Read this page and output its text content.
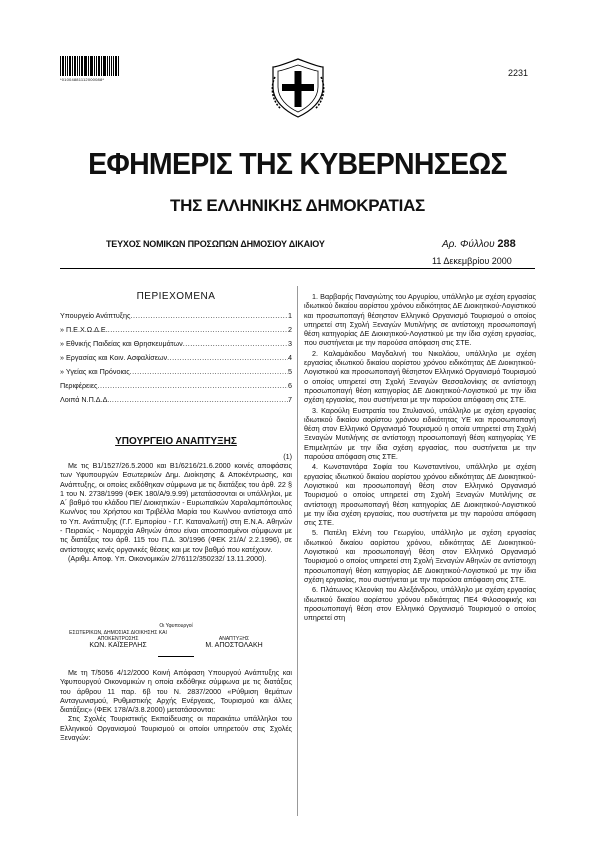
*01004881112000088*
2231
ΕΦΗΜΕΡΙΣ ΤΗΣ ΚΥΒΕΡΝΗΣΕΩΣ
ΤΗΣ ΕΛΛΗΝΙΚΗΣ ΔΗΜΟΚΡΑΤΙΑΣ
ΤΕΥΧΟΣ ΝΟΜΙΚΩΝ ΠΡΟΣΩΠΩΝ ΔΗΜΟΣΙΟΥ ΔΙΚΑΙΟΥ	Αρ. Φύλλου 288
11 Δεκεμβρίου 2000
ΠΕΡΙΕΧΟΜΕΝΑ
ΥΠΟΥΡΓΕΙΟ ΑΝΑΠΤΥΞΗΣ
(1)

Με τις Β1/1527/26.5.2000 και Β1/6216/21.6.2000 κοινές αποφάσεις των Υφυπουργών Εσωτερικών Δημ. Διοίκησης & Αποκέντρωσης, και Ανάπτυξης, οι οποίες εκδόθηκαν σύμφωνα με τις διατάξεις του άρθ. 22 § 1 του Ν. 2738/1999 (ΦΕΚ 180/Α/9.9.99) μετατάσσονται οι υπάλληλοι, με Α΄ βαθμό του κλάδου ΠΕ/ Διοικητικών - Ευρωπαϊκών Χαραλαμπόπουλος Κων/νος του Χρήστου και Τριβέλλα Μαρία του Κων/νου αντίστοιχα από το Υπ. Ανάπτυξης (Γ.Γ. Εμπορίου - Γ.Γ. Καταναλωτή) στη Ε.Ν.Α. Αθηνών - Πειραιώς - Νομαρχία Αθηνών όπου είναι αποσπασμένοι σύμφωνα με τις διατάξεις του άρθ. 115 του Π.Δ. 30/1996 (ΦΕΚ 21/Α/ 2.2.1996), σε αντίστοιχες κενές οργανικές θέσεις και με τον βαθμό που κατέχουν.

(Αριθμ. Αποφ. Υπ. Οικονομικών 2/76112/350232/ 13.11.2000).

Οι Υφυπουργοί
ΕΣΩΤΕΡΙΚΩΝ, ΔΗΜΟΣΙΑΣ ΔΙΟΙΚΗΣΗΣ ΚΑΙ ΑΠΟΚΕΝΤΡΩΣΗΣ
ΚΩΝ. ΚΑΪΣΕΡΛΗΣ
ΑΝΑΠΤΥΞΗΣ
Μ. ΑΠΟΣΤΟΛΑΚΗ

Με τη Τ/5056 4/12/2000 Κοινή Απόφαση Υπουργού Ανάπτυξης και Υφυπουργού Οικονομικών η οποία εκδόθηκε σύμφωνα με τις διατάξεις του άρθρου 11 παρ. 6β του Ν. 2837/2000 «Ρύθμιση θεμάτων Ανταγωνισμού, Ρυθμιστικής Αρχής Ενέργειας, Τουρισμού και άλλες διατάξεις» (ΦΕΚ 178/Α/3.8.2000) μετατάσσονται:

Στις Σχολές Τουριστικής Εκπαίδευσης οι παρακάτω υπάλληλοι του Ελληνικού Οργανισμού Τουρισμού οι οποίοι υπηρετούν στις Σχολές Ξεναγών:

1. Βαρβαρής Παναγιώτης του Αργυρίου, υπάλληλο με σχέση εργασίας ιδιωτικού δικαίου αορίστου χρόνου ειδικότητας ΔΕ Διοικητικού-Λογιστικού και προσωποπαγή θέσηστον Ελληνικό Οργανισμό Τουρισμού ο οποίος υπηρετεί στη Σχολή Ξεναγών Μυτιλήνης σε αντίστοιχη προσωποπαγή θέση κατηγορίας ΔΕ Διοικητικού-Λογιστικού με την ίδια σχέση εργασίας, που συστήνεται με την παρούσα απόφαση στις ΣΤΕ.

2. Καλαμάκιδου Μαγδαλινή του Νικολάου, υπάλληλο με σχέση εργασίας ιδιωτικού δικαίου αορίστου χρόνου ειδικότητας ΔΕ Διοικητικού-Λογιστικού και προσωποπαγή θέσηστον Ελληνικό Οργανισμό Τουρισμού ο οποίος υπηρετεί στη Σχολή Ξεναγών Θεσσαλονίκης σε αντίστοιχη προσωποπαγή θέση κατηγορίας ΔΕ Διοικητικού-Λογιστικού με την ίδια σχέση εργασίας, που συστήνεται με την παρούσα απόφαση στις ΣΤΕ.

3. Καρούλη Ευστρατία του Στυλιανού, υπάλληλο με σχέση εργασίας ιδιωτικού δικαίου αορίστου χρόνου ειδικότητας ΥΕ και προσωποπαγή θέση στον Ελληνικό Οργανισμό Τουρισμού η οποία υπηρετεί στη Σχολή Ξεναγών Μυτιλήνης σε αντίστοιχη προσωποπαγή θέση κατηγορίας ΥΕ Επιμελητών με την ίδια σχέση εργασίας, που συστήνεται με την παρούσα απόφαση στις ΣΤΕ.

4. Κωνσταντάρα Σοφία του Κωνσταντίνου, υπάλληλο με σχέση εργασίας ιδιωτικού δικαίου αορίστου χρόνου ειδικότητας ΔΕ Διοικητικού-Λογιστικού και προσωποπαγή θέση στον Ελληνικό Οργανισμό Τουρισμού ο οποίος υπηρετεί στη Σχολή Ξεναγών Μυτιλήνης σε αντίστοιχη προσωποπαγή θέση κατηγορίας ΔΕ Διοικητικού-Λογιστικού με την ίδια σχέση εργασίας, που συστήνεται με την παρούσα απόφαση στις ΣΤΕ.

5. Πατέλη Ελένη του Γεωργίου, υπάλληλο με σχέση εργασίας ιδιωτικού δικαίου αορίστου χρόνου, ειδικότητας ΔΕ Διοικητικού-Λογιστικού και προσωποπαγή θέση στον Ελληνικό Οργανισμό Τουρισμού ο οποίος υπηρετεί στη Σχολή Ξεναγών Αθηνών σε αντίστοιχη προσωποπαγή θέση κατηγορίας ΔΕ Διοικητικού-Λογιστικού με την ίδια σχέση εργασίας, που συστήνεται με την παρούσα απόφαση στις ΣΤΕ.

6. Πλάτωνος Κλεονίκη του Αλεξάνδρου, υπάλληλο με σχέση εργασίας ιδιωτικού δικαίου αορίστου χρόνου ειδικότητας ΠΕ4 Φιλοσοφικής και προσωποπαγή θέση στον Ελληνικό Οργανισμό Τουρισμού ο οποίος υπηρετεί στη

Υπουργείο Ανάπτυξης .....	1
» Π.Ε.Χ.Ω.Δ.Ε. .....	2
» Εθνικής Παιδείας και Θρησκευμάτων .....	3
» Εργασίας και Κοιν. Ασφαλίσεων .....	4
» Υγείας και Πρόνοιας .....	5
Περιφέρειες .....	6
Λοιπά Ν.Π.Δ.Δ. .....	7
